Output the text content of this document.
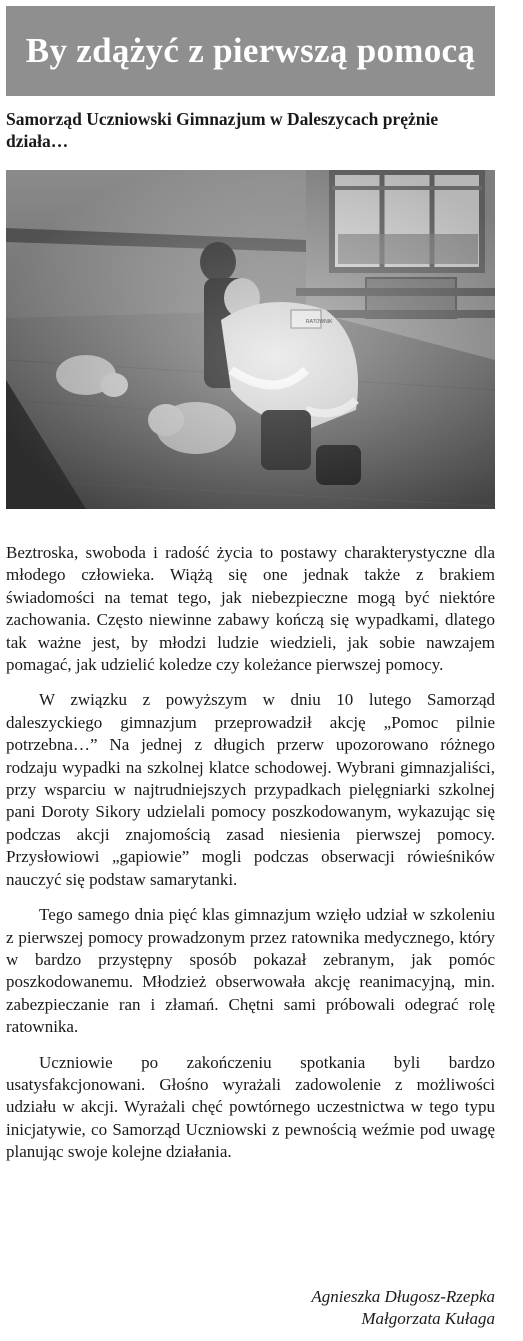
By zdążyć z pierwszą pomocą
Samorząd Uczniowski Gimnazjum w Daleszycach prężnie działa…

Beztroska, swoboda i radość życia to postawy charakterystyczne dla młodego człowieka. Wiążą się one jednak także z brakiem świadomości na temat tego, jak niebezpieczne mogą być niektóre zachowania. Często niewinne zabawy kończą się wypadkami, dlatego tak ważne jest, by młodzi ludzie wiedzieli, jak sobie nawzajem pomagać, jak udzielić koledze czy koleżance pierwszej pomocy.

W związku z powyższym w dniu 10 lutego Samorząd daleszyckiego gimnazjum przeprowadził akcję „Pomoc pilnie potrzebna…” Na jednej z długich przerw upozorowano różnego rodzaju wypadki na szkolnej klatce schodowej. Wybrani gimnazjaliści, przy wsparciu w najtrudniejszych przypadkach pielęgniarki szkolnej pani Doroty Sikory udzielali pomocy poszkodowanym, wykazując się podczas akcji znajomością zasad niesienia pierwszej pomocy. Przysłowiowi „gapiowie” mogli podczas obserwacji rówieśników nauczyć się podstaw samarytanki.

Tego samego dnia pięć klas gimnazjum wzięło udział w szkoleniu z pierwszej pomocy prowadzonym przez ratownika medycznego, który w bardzo przystępny sposób pokazał zebranym, jak pomóc poszkodowanemu. Młodzież obserwowała akcję reanimacyjną, min. zabezpieczanie ran i złamań. Chętni sami próbowali odegrać rolę ratownika.

Uczniowie po zakończeniu spotkania byli bardzo usatysfakcjonowani. Głośno wyrażali zadowolenie z możliwości udziału w akcji. Wyrażali chęć powtórnego uczestnictwa w tego typu inicjatywie, co Samorząd Uczniowski z pewnością weźmie pod uwagę planując swoje kolejne działania.

Agnieszka Długosz-Rzepka
Małgorzata Kułaga
